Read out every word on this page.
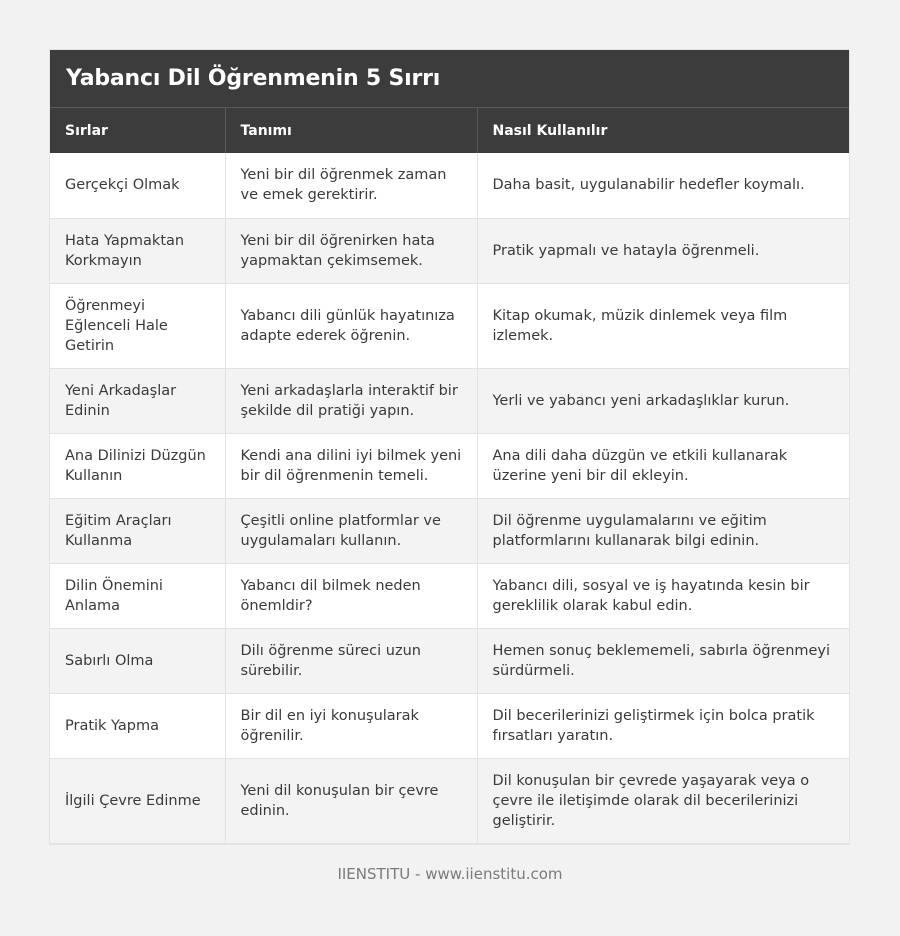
Yabancı Dil Öğrenmenin 5 Sırrı
Sırlar	Tanımı	Nasıl Kullanılır
Gerçekçi Olmak	Yeni bir dil öğrenmek zaman ve emek gerektirir.	Daha basit, uygulanabilir hedefler koymalı.
Hata Yapmaktan Korkmayın	Yeni bir dil öğrenirken hata yapmaktan çekimsemek.	Pratik yapmalı ve hatayla öğrenmeli.
Öğrenmeyi Eğlenceli Hale Getirin	Yabancı dili günlük hayatınıza adapte ederek öğrenin.	Kitap okumak, müzik dinlemek veya film izlemek.
Yeni Arkadaşlar Edinin	Yeni arkadaşlarla interaktif bir şekilde dil pratiği yapın.	Yerli ve yabancı yeni arkadaşlıklar kurun.
Ana Dilinizi Düzgün Kullanın	Kendi ana dilini iyi bilmek yeni bir dil öğrenmenin temeli.	Ana dili daha düzgün ve etkili kullanarak üzerine yeni bir dil ekleyin.
Eğitim Araçları Kullanma	Çeşitli online platformlar ve uygulamaları kullanın.	Dil öğrenme uygulamalarını ve eğitim platformlarını kullanarak bilgi edinin.
Dilin Önemini Anlama	Yabancı dil bilmek neden önemldir?	Yabancı dili, sosyal ve iş hayatında kesin bir gereklilik olarak kabul edin.
Sabırlı Olma	Dilı öğrenme süreci uzun sürebilir.	Hemen sonuç beklememeli, sabırla öğrenmeyi sürdürmeli.
Pratik Yapma	Bir dil en iyi konuşularak öğrenilir.	Dil becerilerinizi geliştirmek için bolca pratik fırsatları yaratın.
İlgili Çevre Edinme	Yeni dil konuşulan bir çevre edinin.	Dil konuşulan bir çevrede yaşayarak veya o çevre ile iletişimde olarak dil becerilerinizi geliştirir.
IIENSTITU - www.iienstitu.com
